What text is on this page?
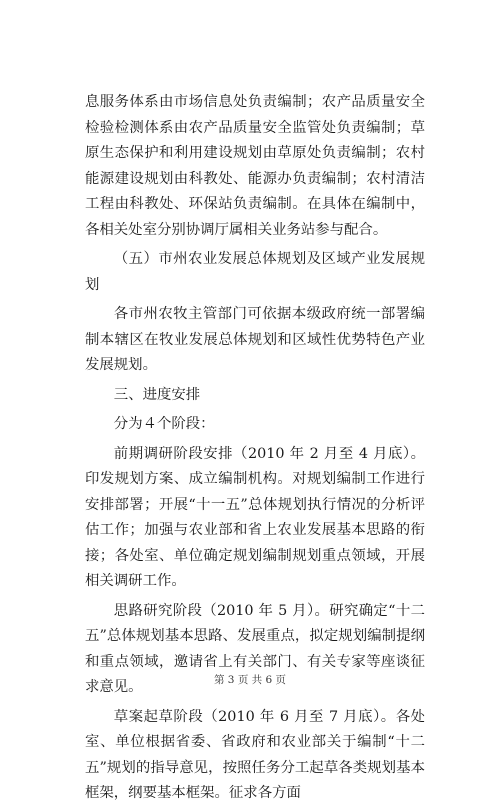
息服务体系由市场信息处负责编制；农产品质量安全检验检测体系由农产品质量安全监管处负责编制；草原生态保护和利用建设规划由草原处负责编制；农村能源建设规划由科教处、能源办负责编制；农村清洁工程由科教处、环保站负责编制。在具体在编制中，各相关处室分别协调厅属相关业务站参与配合。

（五）市州农业发展总体规划及区域产业发展规划

各市州农牧主管部门可依据本级政府统一部署编制本辖区在牧业发展总体规划和区域性优势特色产业发展规划。

三、进度安排

分为４个阶段：

前期调研阶段安排（2010 年 2 月至 4 月底）。印发规划方案、成立编制机构。对规划编制工作进行安排部署；开展“十一五”总体规划执行情况的分析评估工作；加强与农业部和省上农业发展基本思路的衔接；各处室、单位确定规划编制规划重点领域，开展相关调研工作。

思路研究阶段（2010 年 5 月）。研究确定“十二五”总体规划基本思路、发展重点，拟定规划编制提纲和重点领域，邀请省上有关部门、有关专家等座谈征求意见。

草案起草阶段（2010 年 6 月至 7 月底）。各处室、单位根据省委、省政府和农业部关于编制“十二五”规划的指导意见，按照任务分工起草各类规划基本框架，纲要基本框架。征求各方面

第 3 页 共 6 页
